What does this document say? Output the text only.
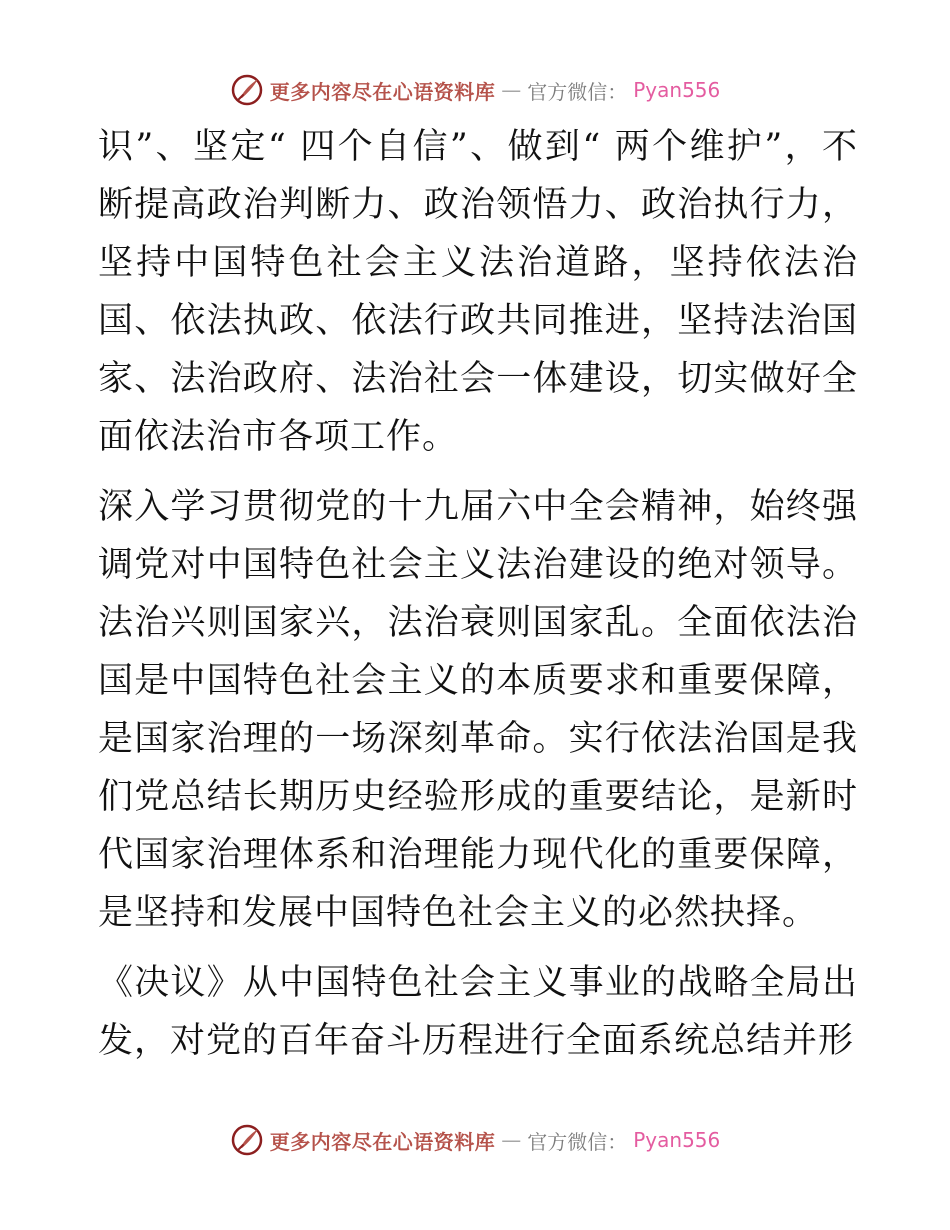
更多内容尽在心语资料库 — 官方微信： Pyan556

识”、坚定“ 四个自信”、做到“ 两个维护”，不断提高政治判断力、政治领悟力、政治执行力，坚持中国特色社会主义法治道路，坚持依法治国、依法执政、依法行政共同推进，坚持法治国家、法治政府、法治社会一体建设，切实做好全面依法治市各项工作。

深入学习贯彻党的十九届六中全会精神，始终强调党对中国特色社会主义法治建设的绝对领导。法治兴则国家兴，法治衰则国家乱。全面依法治国是中国特色社会主义的本质要求和重要保障，是国家治理的一场深刻革命。实行依法治国是我们党总结长期历史经验形成的重要结论，是新时代国家治理体系和治理能力现代化的重要保障，是坚持和发展中国特色社会主义的必然抉择。

《决议》从中国特色社会主义事业的战略全局出发，对党的百年奋斗历程进行全面系统总结并形

更多内容尽在心语资料库 — 官方微信： Pyan556
